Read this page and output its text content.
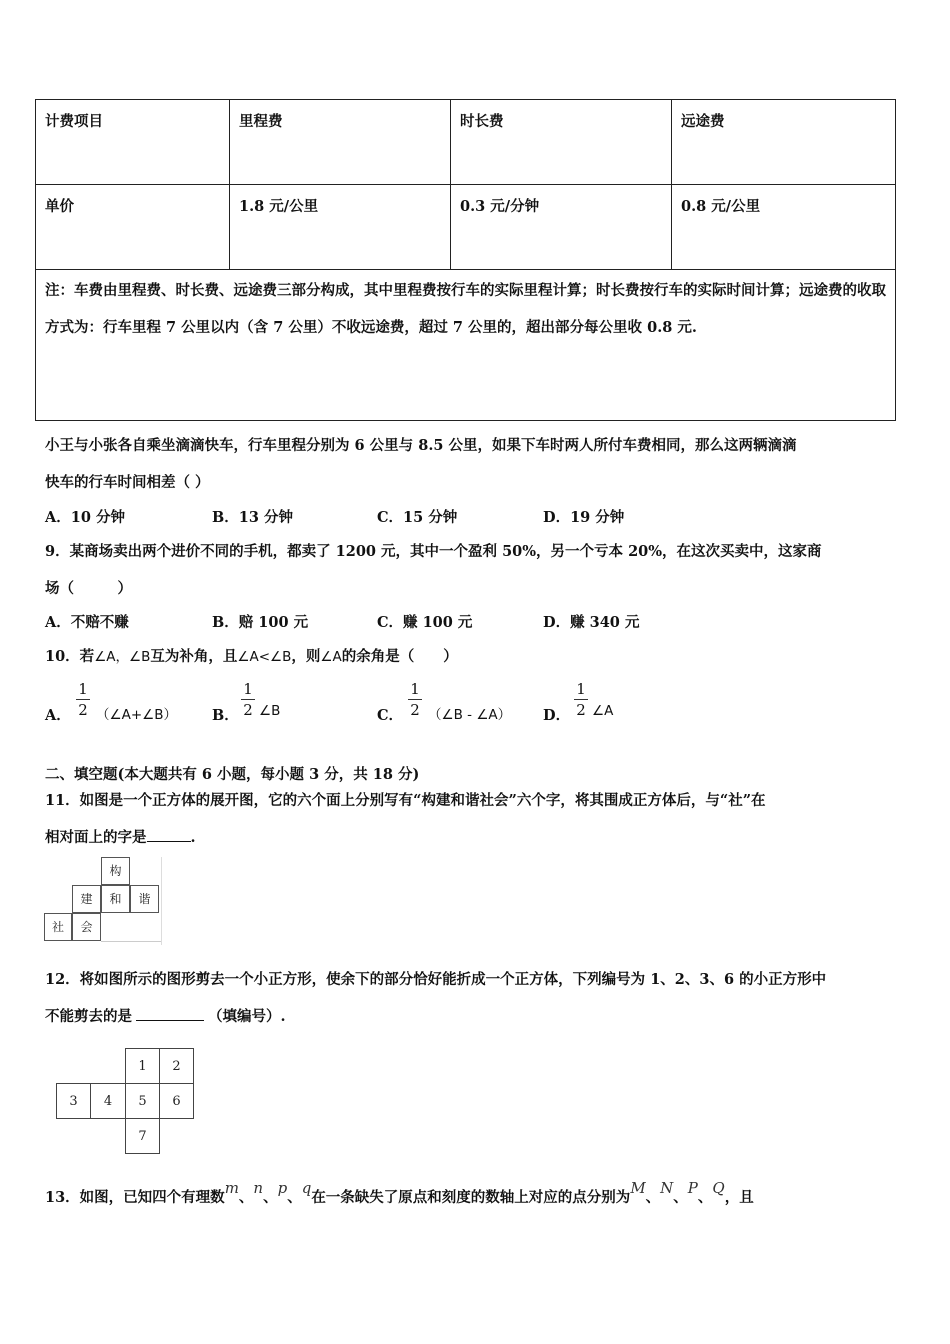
计费项目	里程费	时长费	远途费
单价	1.8 元/公里	0.3 元/分钟	0.8 元/公里
注：车费由里程费、时长费、远途费三部分构成，其中里程费按行车的实际里程计算；时长费按行车的实际时间计算；远途费的收取方式为：行车里程 7 公里以内（含 7 公里）不收远途费，超过 7 公里的，超出部分每公里收 0.8 元.			
小王与小张各自乘坐滴滴快车，行车里程分别为 6 公里与 8.5 公里，如果下车时两人所付车费相同，那么这两辆滴滴
快车的行车时间相差（ ）
A．10 分钟	B．13 分钟	C．15 分钟	D．19 分钟
9．某商场卖出两个进价不同的手机，都卖了 1200 元，其中一个盈利 50%，另一个亏本 20%，在这次买卖中，这家商
场（　　　）
A．不赔不赚	B．赔 100 元	C．赚 100 元	D．赚 340 元
10．若∠A，∠B互为补角，且∠A<∠B，则∠A的余角是（　　）
A．
1
2 （∠A+∠B） B．
1
2 ∠B	C．
1
2 （∠B - ∠A） D．
1
2 ∠A
二、填空题(本大题共有 6 小题，每小题 3 分，共 18 分)
11．如图是一个正方体的展开图，它的六个面上分别写有“构建和谐社会”六个字，将其围成正方体后，与“社”在
相对面上的字是	.
构
建	和	谐
社	会
12．将如图所示的图形剪去一个小正方形，使余下的部分恰好能折成一个正方体，下列编号为 1、2、3、6 的小正方形中
不能剪去的是	（填编号）.
1	2
3	4	5	6
7
13．如图，已知四个有理数m、n、p、q在一条缺失了原点和刻度的数轴上对应的点分别为M、N、P、Q，且
